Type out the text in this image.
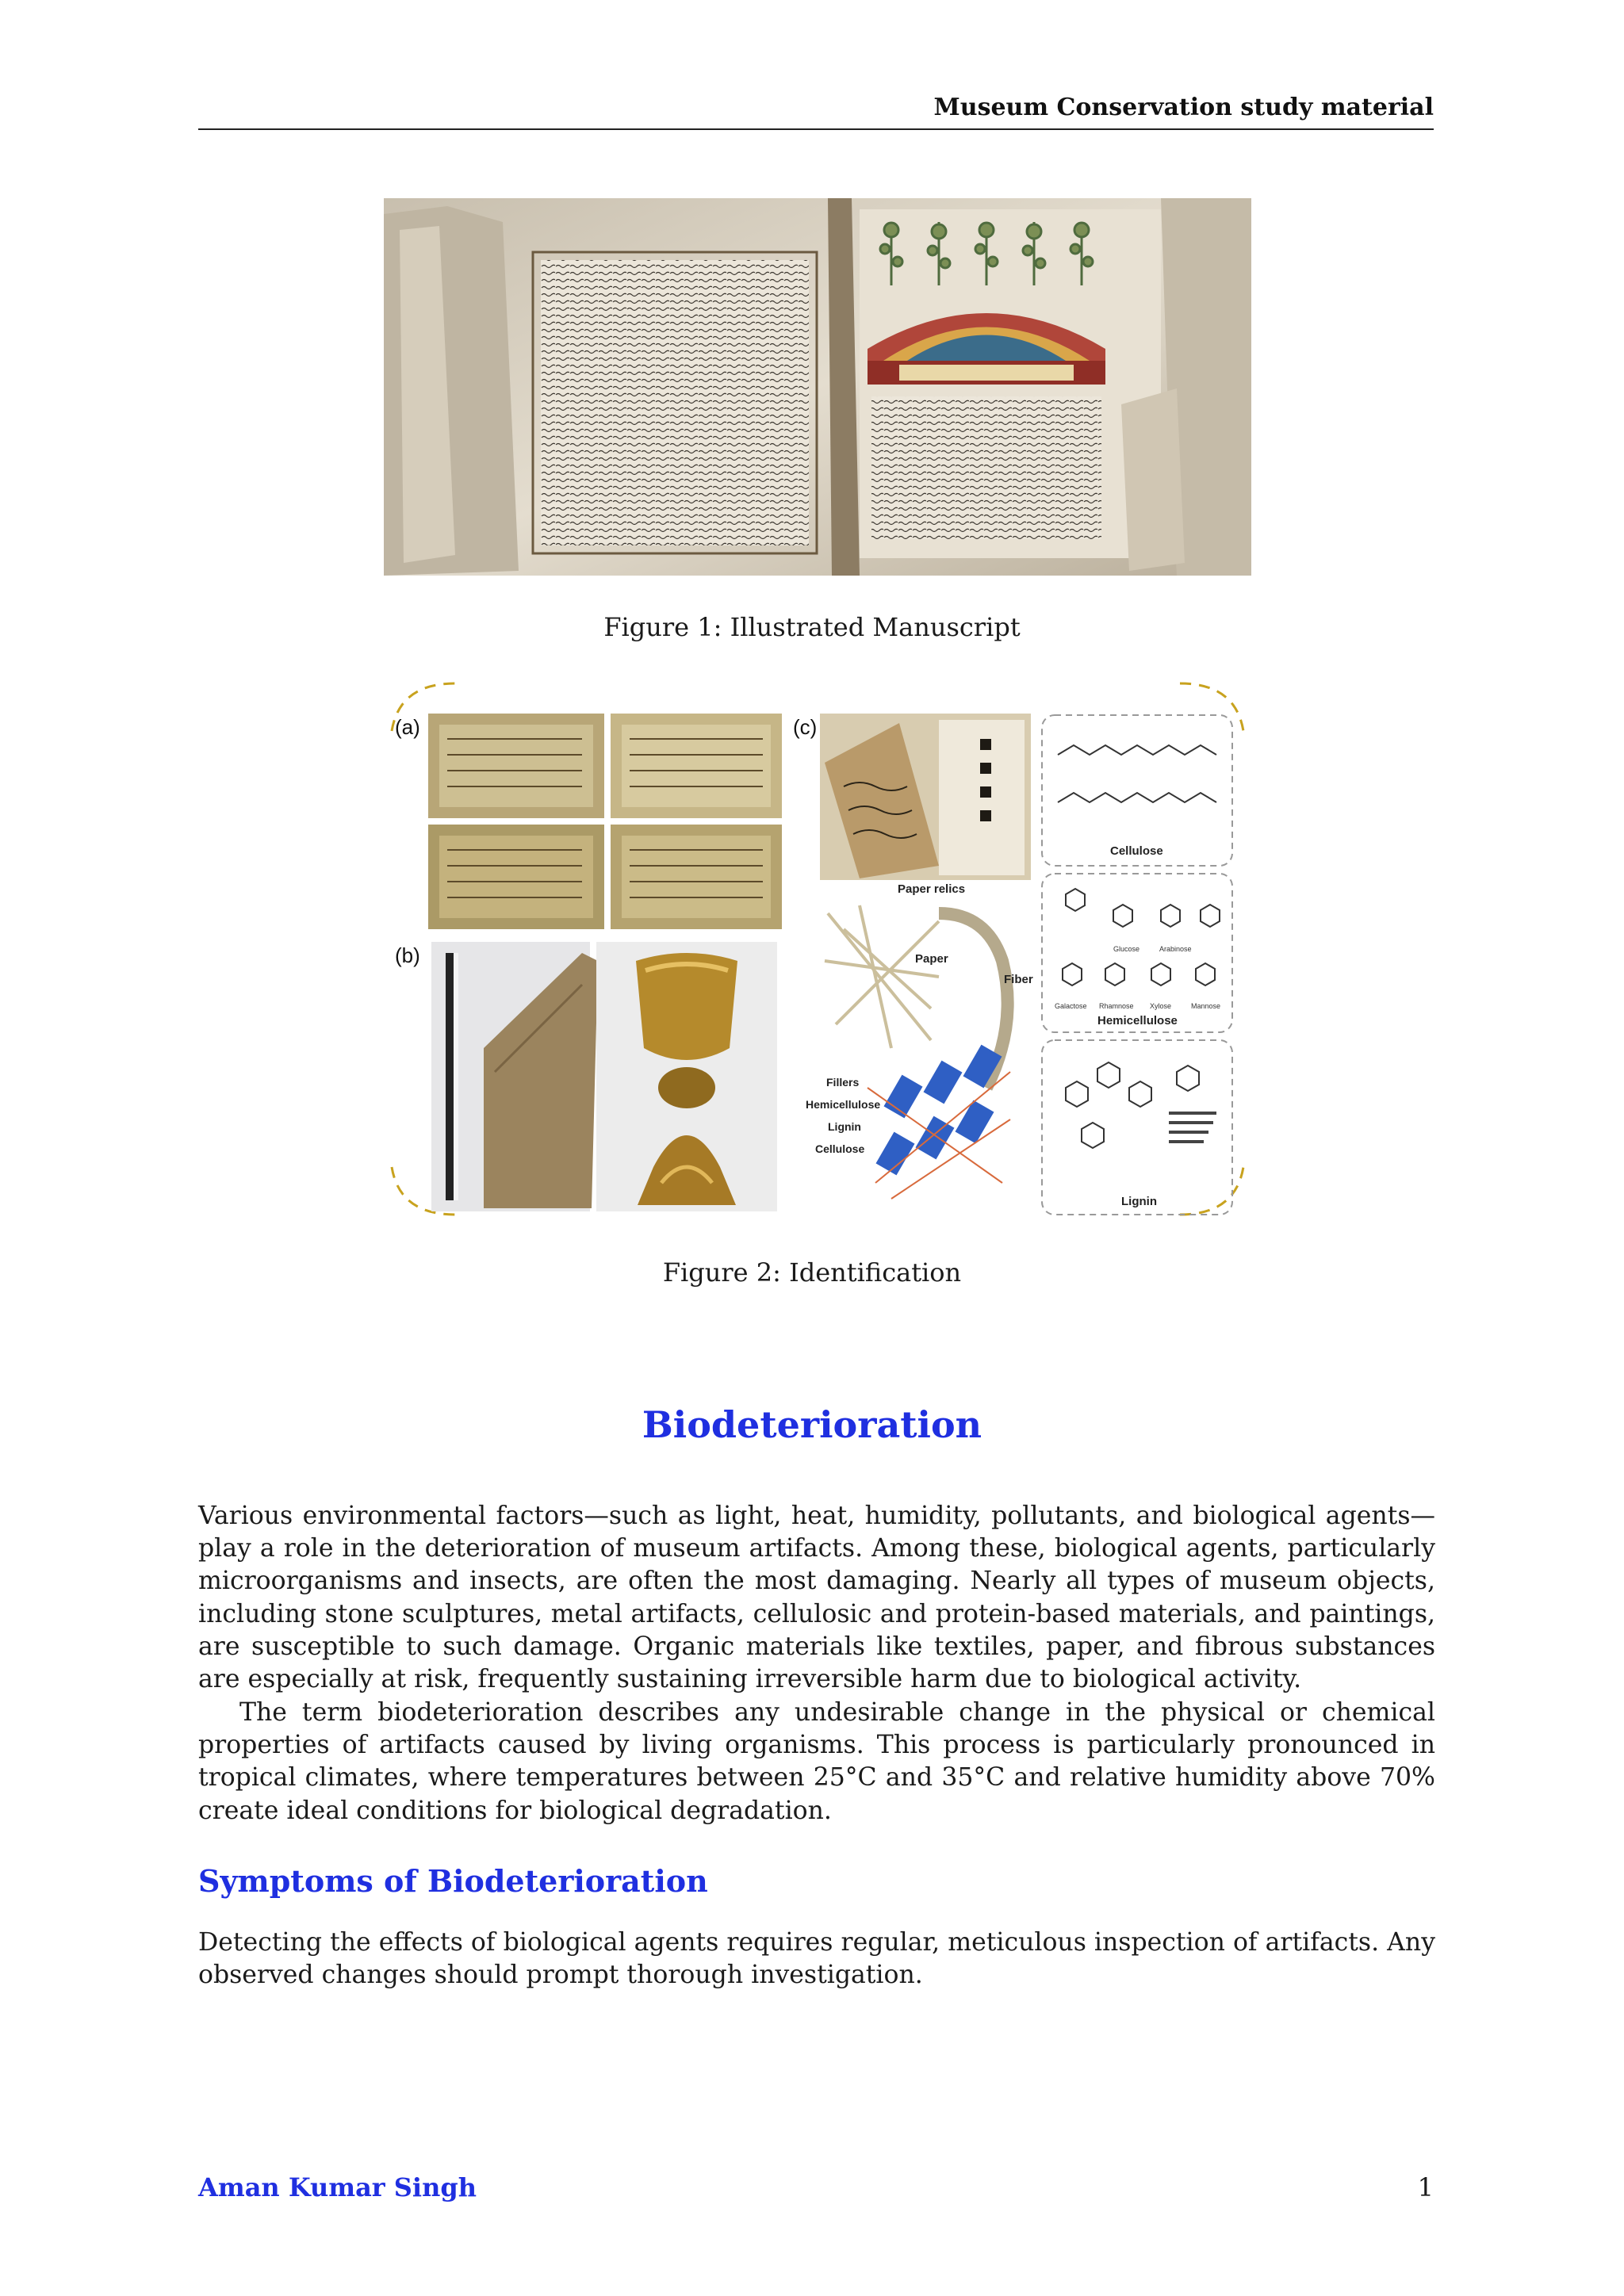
Museum Conservation study material
Figure 1: Illustrated Manuscript
(a)
(b)
(c)
Paper relics
Paper
Fiber
Fillers
Hemicellulose
Lignin
Cellulose
Cellulose
Glucose	Arabinose
Galactose Rhamnose Xylose	Mannose
Hemicellulose
Lignin
Figure 2: Identification
Biodeterioration
Various environmental factors—such as light, heat, humidity, pollutants, and biological agents—play a role in the deterioration of museum artifacts. Among these, biological agents, particularly microorganisms and insects, are often the most damaging. Nearly all types of museum objects, including stone sculptures, metal artifacts, cellulosic and protein-based materials, and paintings, are susceptible to such damage. Organic materials like textiles, paper, and fibrous substances are especially at risk, frequently sustaining irreversible harm due to biological activity.
The term biodeterioration describes any undesirable change in the physical or chemical properties of artifacts caused by living organisms. This process is particularly pronounced in tropical climates, where temperatures between 25°C and 35°C and relative humidity above 70% create ideal conditions for biological degradation.
Symptoms of Biodeterioration
Detecting the effects of biological agents requires regular, meticulous inspection of artifacts. Any observed changes should prompt thorough investigation.
Aman Kumar Singh	1
